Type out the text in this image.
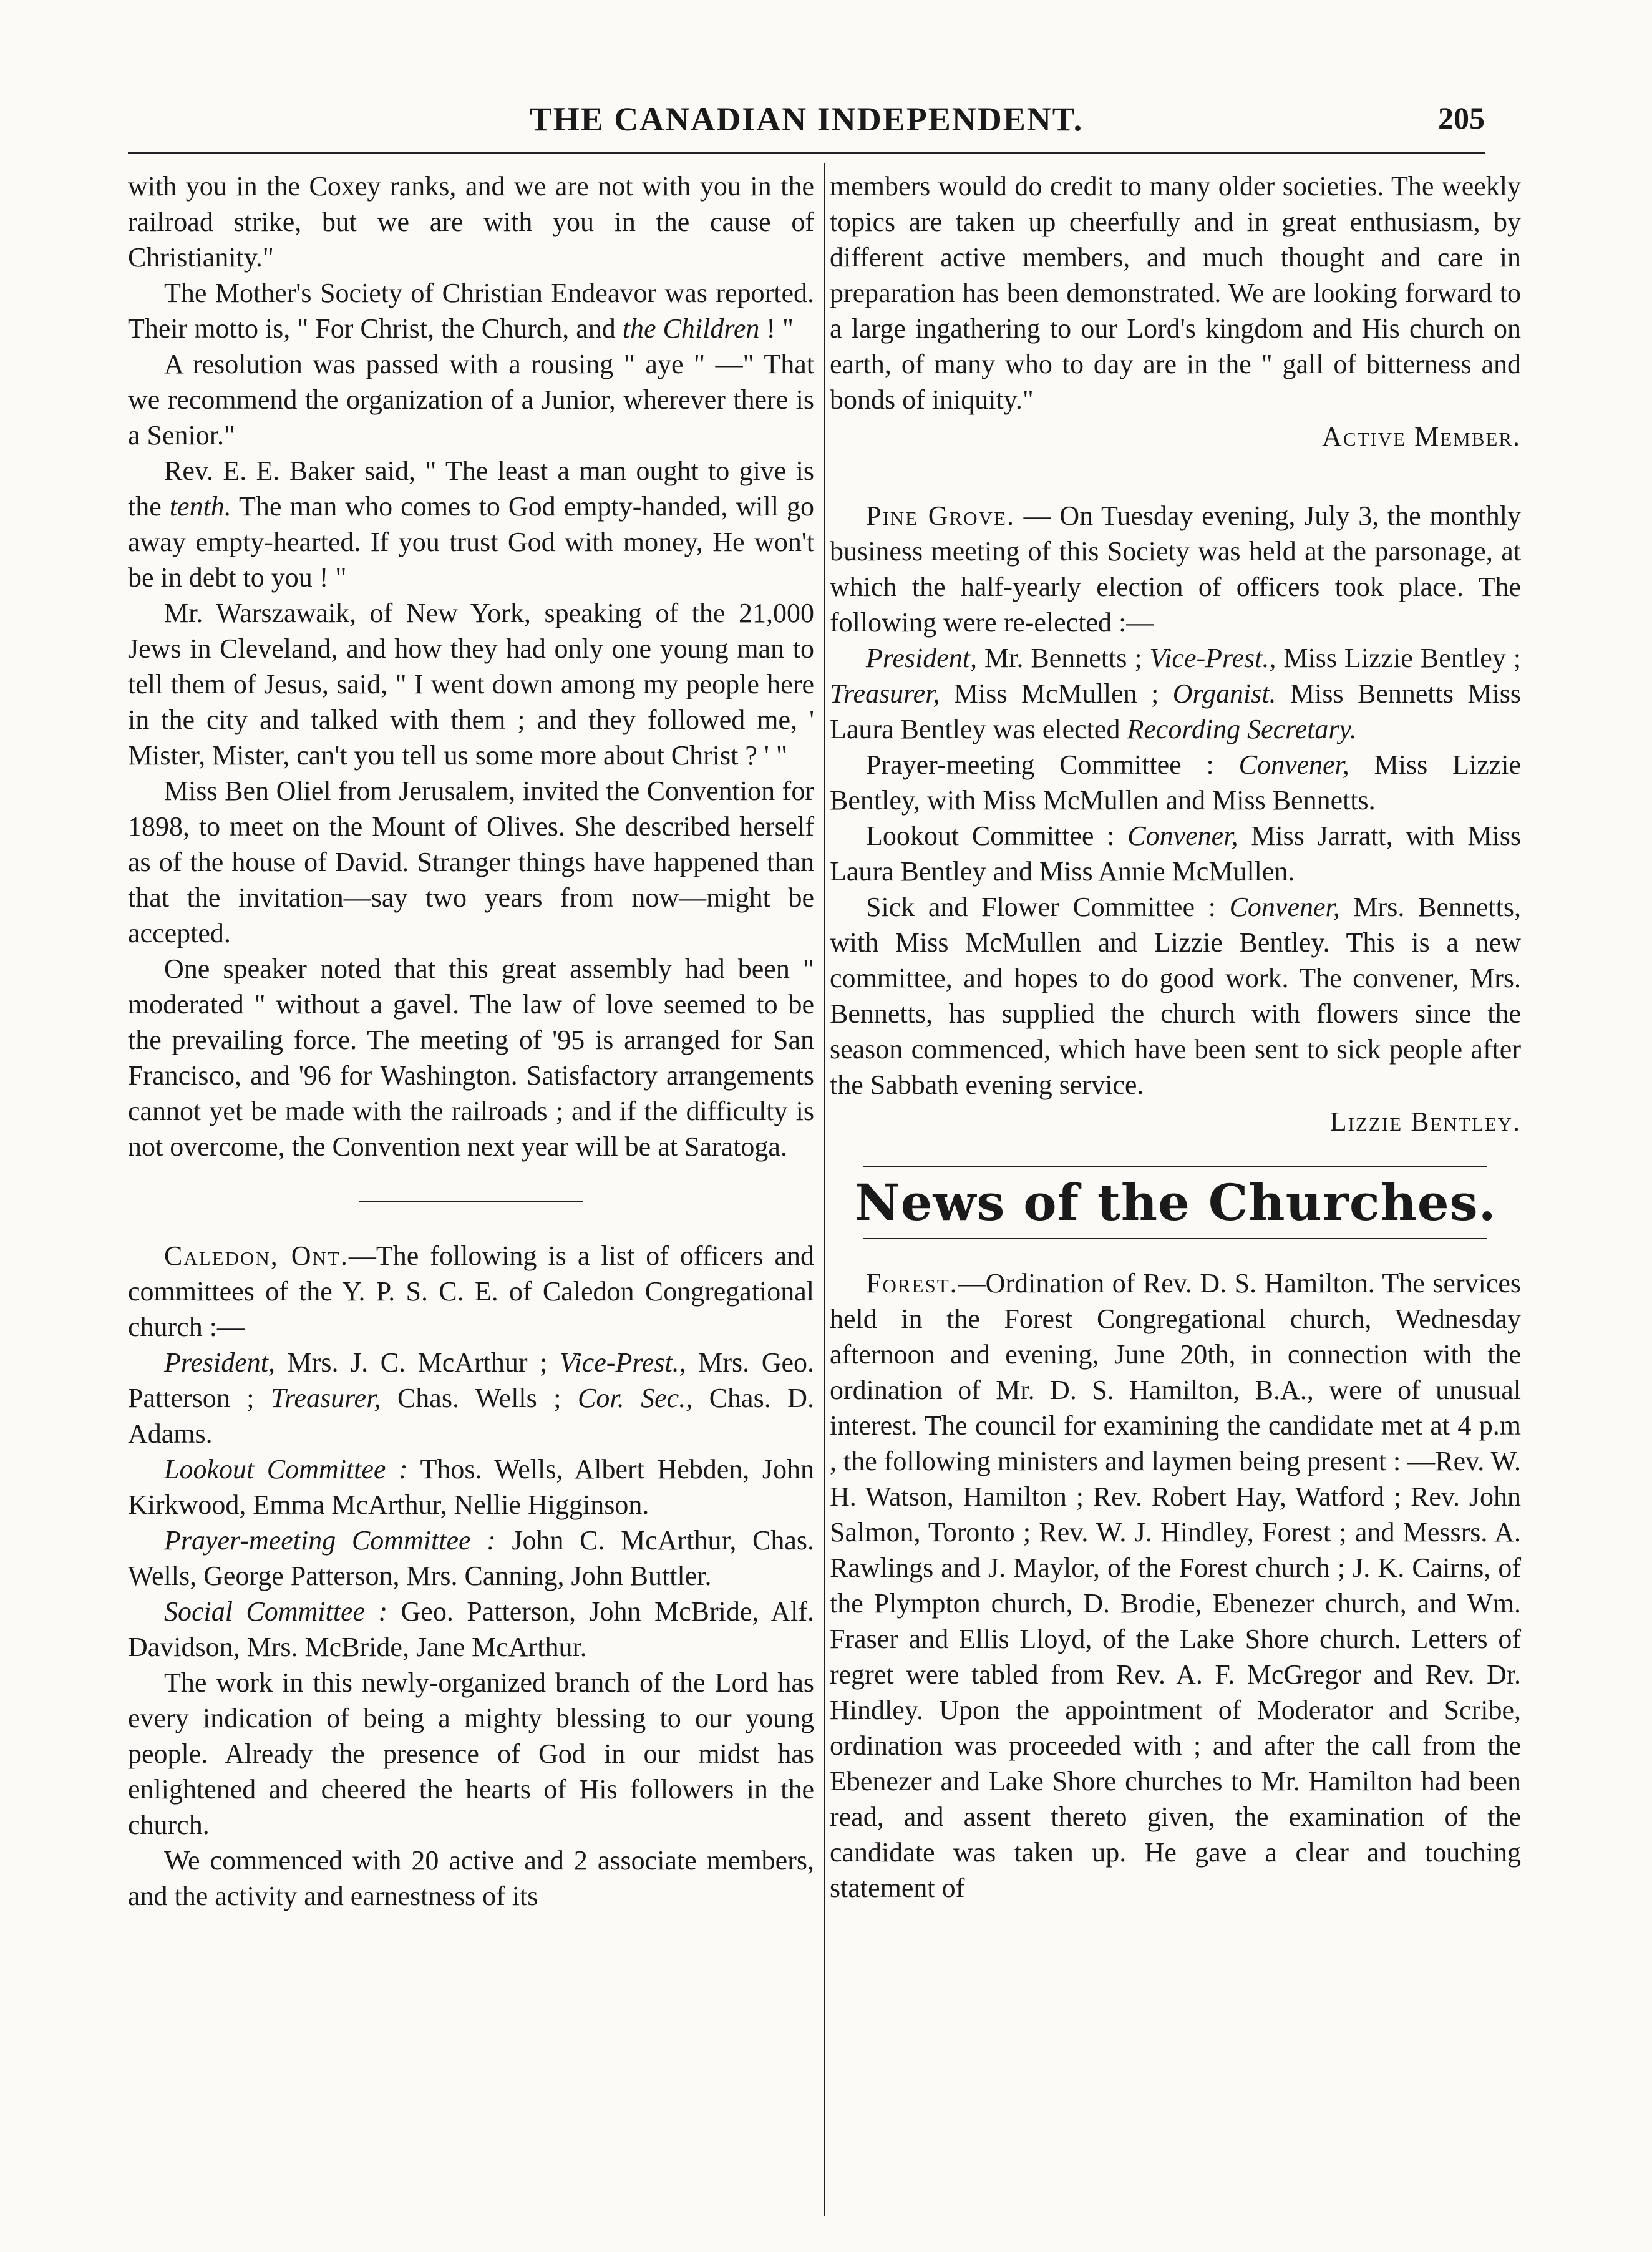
THE CANADIAN INDEPENDENT.	205

with you in the Coxey ranks, and we are not with you in the railroad strike, but we are with you in the cause of Christianity."

The Mother's Society of Christian Endeavor was reported. Their motto is, " For Christ, the Church, and the Children ! "

A resolution was passed with a rousing " aye " —" That we recommend the organization of a Junior, wherever there is a Senior."

Rev. E. E. Baker said, " The least a man ought to give is the tenth. The man who comes to God empty-handed, will go away empty-hearted. If you trust God with money, He won't be in debt to you ! "

Mr. Warszawaik, of New York, speaking of the 21,000 Jews in Cleveland, and how they had only one young man to tell them of Jesus, said, " I went down among my people here in the city and talked with them ; and they followed me, ' Mister, Mister, can't you tell us some more about Christ ? ' "

Miss Ben Oliel from Jerusalem, invited the Convention for 1898, to meet on the Mount of Olives. She described herself as of the house of David. Stranger things have happened than that the invitation—say two years from now—might be accepted.

One speaker noted that this great assembly had been " moderated " without a gavel. The law of love seemed to be the prevailing force. The meeting of '95 is arranged for San Francisco, and '96 for Washington. Satisfactory arrangements cannot yet be made with the railroads ; and if the difficulty is not overcome, the Convention next year will be at Saratoga.

Caledon, Ont.—The following is a list of officers and committees of the Y. P. S. C. E. of Caledon Congregational church :—

President, Mrs. J. C. McArthur ; Vice-Prest., Mrs. Geo. Patterson ; Treasurer, Chas. Wells ; Cor. Sec., Chas. D. Adams.

Lookout Committee : Thos. Wells, Albert Hebden, John Kirkwood, Emma McArthur, Nellie Higginson.

Prayer-meeting Committee : John C. McArthur, Chas. Wells, George Patterson, Mrs. Canning, John Buttler.

Social Committee : Geo. Patterson, John McBride, Alf. Davidson, Mrs. McBride, Jane McArthur.

The work in this newly-organized branch of the Lord has every indication of being a mighty blessing to our young people. Already the presence of God in our midst has enlightened and cheered the hearts of His followers in the church.

We commenced with 20 active and 2 associate members, and the activity and earnestness of its

members would do credit to many older societies. The weekly topics are taken up cheerfully and in great enthusiasm, by different active members, and much thought and care in preparation has been demonstrated. We are looking forward to a large ingathering to our Lord's kingdom and His church on earth, of many who to day are in the " gall of bitterness and bonds of iniquity."

Active Member.

Pine Grove. — On Tuesday evening, July 3, the monthly business meeting of this Society was held at the parsonage, at which the half-yearly election of officers took place. The following were re-elected :—

President, Mr. Bennetts ; Vice-Prest., Miss Lizzie Bentley ; Treasurer, Miss McMullen ; Organist. Miss Bennetts Miss Laura Bentley was elected Recording Secretary.

Prayer-meeting Committee : Convener, Miss Lizzie Bentley, with Miss McMullen and Miss Bennetts.

Lookout Committee : Convener, Miss Jarratt, with Miss Laura Bentley and Miss Annie McMullen.

Sick and Flower Committee : Convener, Mrs. Bennetts, with Miss McMullen and Lizzie Bentley. This is a new committee, and hopes to do good work. The convener, Mrs. Bennetts, has supplied the church with flowers since the season commenced, which have been sent to sick people after the Sabbath evening service.

Lizzie Bentley.

News of the Churches.

Forest.—Ordination of Rev. D. S. Hamilton. The services held in the Forest Congregational church, Wednesday afternoon and evening, June 20th, in connection with the ordination of Mr. D. S. Hamilton, B.A., were of unusual interest. The council for examining the candidate met at 4 p.m , the following ministers and laymen being present : —Rev. W. H. Watson, Hamilton ; Rev. Robert Hay, Watford ; Rev. John Salmon, Toronto ; Rev. W. J. Hindley, Forest ; and Messrs. A. Rawlings and J. Maylor, of the Forest church ; J. K. Cairns, of the Plympton church, D. Brodie, Ebenezer church, and Wm. Fraser and Ellis Lloyd, of the Lake Shore church. Letters of regret were tabled from Rev. A. F. McGregor and Rev. Dr. Hindley. Upon the appointment of Moderator and Scribe, ordination was proceeded with ; and after the call from the Ebenezer and Lake Shore churches to Mr. Hamilton had been read, and assent thereto given, the examination of the candidate was taken up. He gave a clear and touching statement of
